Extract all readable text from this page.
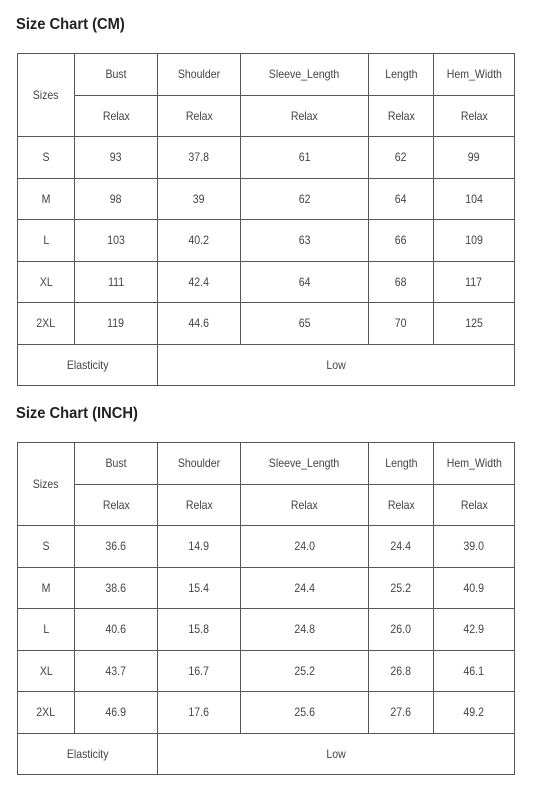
Size Chart (CM)
Sizes	Bust	Shoulder	Sleeve_Length	Length	Hem_Width
	Relax	Relax	Relax	Relax	Relax
S	93	37.8	61	62	99
M	98	39	62	64	104
L	103	40.2	63	66	109
XL	111	42.4	64	68	117
2XL	119	44.6	65	70	125
Elasticity		Low			
Size Chart (INCH)
Sizes	Bust	Shoulder	Sleeve_Length	Length	Hem_Width
	Relax	Relax	Relax	Relax	Relax
S	36.6	14.9	24.0	24.4	39.0
M	38.6	15.4	24.4	25.2	40.9
L	40.6	15.8	24.8	26.0	42.9
XL	43.7	16.7	25.2	26.8	46.1
2XL	46.9	17.6	25.6	27.6	49.2
Elasticity		Low			
